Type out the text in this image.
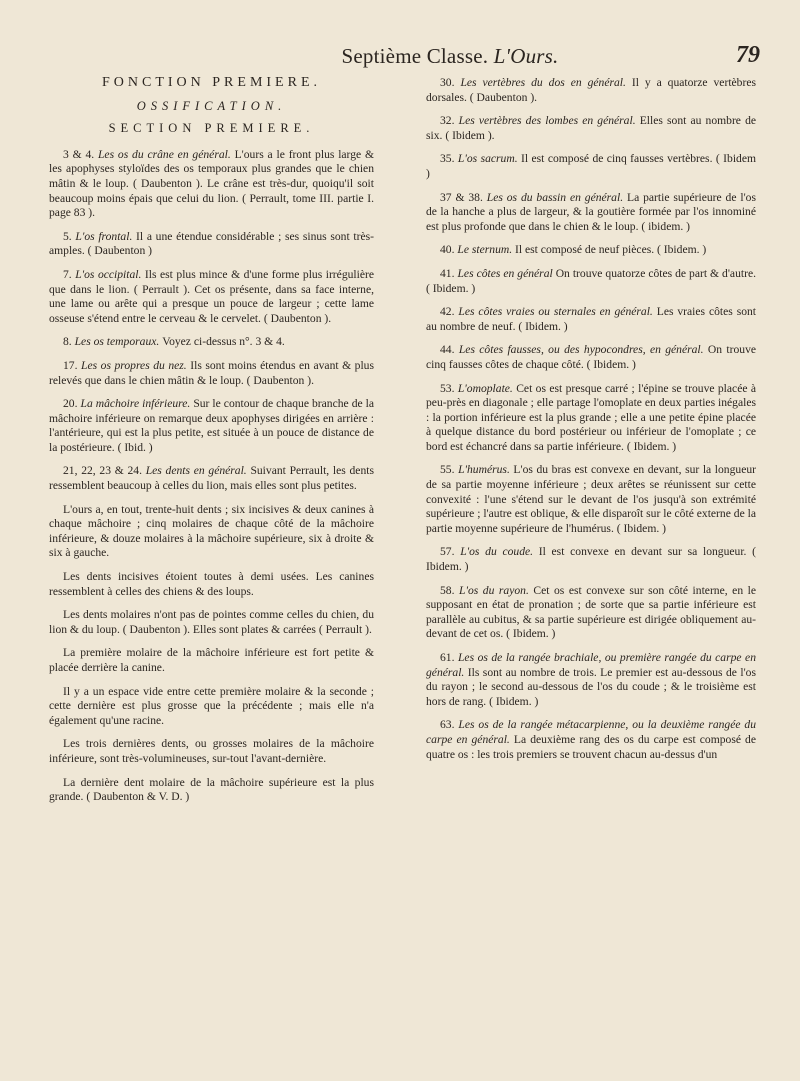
Septième Classe. L'Ours.	79
FONCTION PREMIERE.
OSSIFICATION.
SECTION PREMIERE.

3 & 4. Les os du crâne en général. L'ours a le front plus large & les apophyses styloïdes des os temporaux plus grandes que le chien mâtin & le loup. ( Daubenton ). Le crâne est très-dur, quoiqu'il soit beaucoup moins épais que celui du lion. ( Perrault, tome III. partie I. page 83 ).

5. L'os frontal. Il a une étendue considérable ; ses sinus sont très-amples. ( Daubenton )

7. L'os occipital. Ils est plus mince & d'une forme plus irrégulière que dans le lion. ( Perrault ). Cet os présente, dans sa face interne, une lame ou arête qui a presque un pouce de largeur ; cette lame osseuse s'étend entre le cerveau & le cervelet. ( Daubenton ).

8. Les os temporaux. Voyez ci-dessus n°. 3 & 4.

17. Les os propres du nez. Ils sont moins étendus en avant & plus relevés que dans le chien mâtin & le loup. ( Daubenton ).

20. La mâchoire inférieure. Sur le contour de chaque branche de la mâchoire inférieure on remarque deux apophyses dirigées en arrière : l'antérieure, qui est la plus petite, est située à un pouce de distance de la postérieure. ( Ibid. )

21, 22, 23 & 24. Les dents en général. Suivant Perrault, les dents ressemblent beaucoup à celles du lion, mais elles sont plus petites.

L'ours a, en tout, trente-huit dents ; six incisives & deux canines à chaque mâchoire ; cinq molaires de chaque côté de la mâchoire inférieure, & douze molaires à la mâchoire supérieure, six à droite & six à gauche.

Les dents incisives étoient toutes à demi usées. Les canines ressemblent à celles des chiens & des loups.

Les dents molaires n'ont pas de pointes comme celles du chien, du lion & du loup. ( Daubenton ). Elles sont plates & carrées ( Perrault ).

La première molaire de la mâchoire inférieure est fort petite & placée derrière la canine.

Il y a un espace vide entre cette première molaire & la seconde ; cette dernière est plus grosse que la précédente ; mais elle n'a également qu'une racine.

Les trois dernières dents, ou grosses molaires de la mâchoire inférieure, sont très-volumineuses, sur-tout l'avant-dernière.

La dernière dent molaire de la mâchoire supérieure est la plus grande. ( Daubenton & V. D. )

30. Les vertèbres du dos en général. Il y a quatorze vertèbres dorsales. ( Daubenton ).

32. Les vertèbres des lombes en général. Elles sont au nombre de six. ( Ibidem ).

35. L'os sacrum. Il est composé de cinq fausses vertèbres. ( Ibidem )

37 & 38. Les os du bassin en général. La partie supérieure de l'os de la hanche a plus de largeur, & la goutière formée par l'os innominé est plus profonde que dans le chien & le loup. ( ibidem. )

40. Le sternum. Il est composé de neuf pièces. ( Ibidem. )

41. Les côtes en général On trouve quatorze côtes de part & d'autre. ( Ibidem. )

42. Les côtes vraies ou sternales en général. Les vraies côtes sont au nombre de neuf. ( Ibidem. )

44. Les côtes fausses, ou des hypocondres, en général. On trouve cinq fausses côtes de chaque côté. ( Ibidem. )

53. L'omoplate. Cet os est presque carré ; l'épine se trouve placée à peu-près en diagonale ; elle partage l'omoplate en deux parties inégales : la portion inférieure est la plus grande ; elle a une petite épine placée à quelque distance du bord postérieur ou inférieur de l'omoplate ; ce bord est échancré dans sa partie inférieure. ( Ibidem. )

55. L'humérus. L'os du bras est convexe en devant, sur la longueur de sa partie moyenne inférieure ; deux arêtes se réunissent sur cette convexité : l'une s'étend sur le devant de l'os jusqu'à son extrémité supérieure ; l'autre est oblique, & elle disparoît sur le côté externe de la partie moyenne supérieure de l'humérus. ( Ibidem. )

57. L'os du coude. Il est convexe en devant sur sa longueur. ( Ibidem. )

58. L'os du rayon. Cet os est convexe sur son côté interne, en le supposant en état de pronation ; de sorte que sa partie inférieure est parallèle au cubitus, & sa partie supérieure est dirigée obliquement au-devant de cet os. ( Ibidem. )

61. Les os de la rangée brachiale, ou première rangée du carpe en général. Ils sont au nombre de trois. Le premier est au-dessous de l'os du rayon ; le second au-dessous de l'os du coude ; & le troisième est hors de rang. ( Ibidem. )

63. Les os de la rangée métacarpienne, ou la deuxième rangée du carpe en général. La deuxième rang des os du carpe est composé de quatre os : les trois premiers se trouvent chacun au-dessus d'un
